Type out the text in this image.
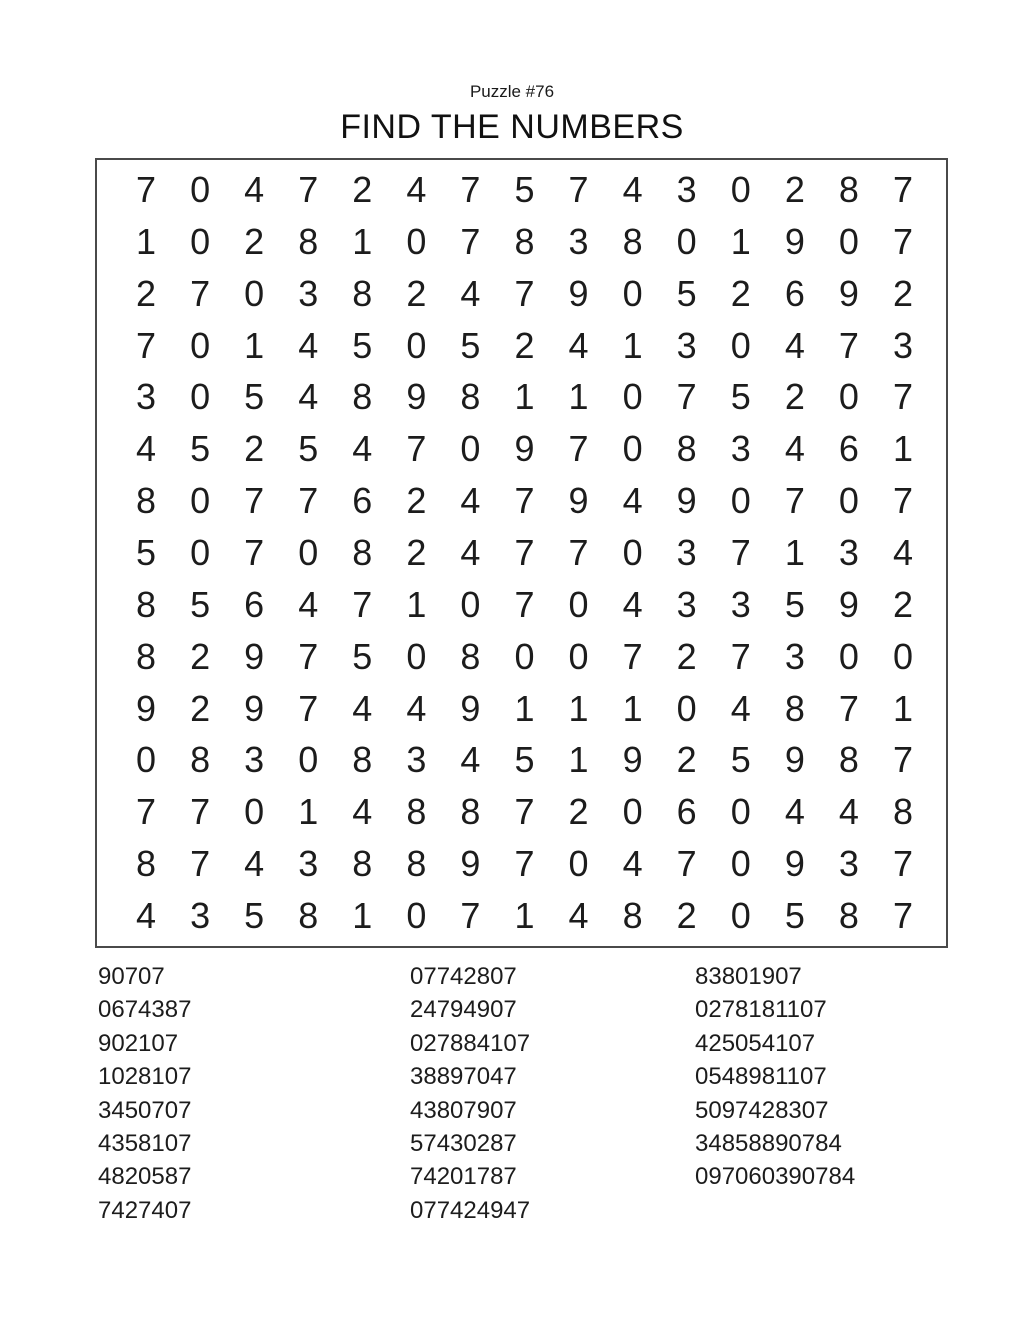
Puzzle #76
FIND THE NUMBERS
7 0 4 7 2 4 7 5 7 4 3 0 2 8 7
1 0 2 8 1 0 7 8 3 8 0 1 9 0 7
2 7 0 3 8 2 4 7 9 0 5 2 6 9 2
7 0 1 4 5 0 5 2 4 1 3 0 4 7 3
3 0 5 4 8 9 8 1 1 0 7 5 2 0 7
4 5 2 5 4 7 0 9 7 0 8 3 4 6 1
8 0 7 7 6 2 4 7 9 4 9 0 7 0 7
5 0 7 0 8 2 4 7 7 0 3 7 1 3 4
8 5 6 4 7 1 0 7 0 4 3 3 5 9 2
8 2 9 7 5 0 8 0 0 7 2 7 3 0 0
9 2 9 7 4 4 9 1 1 1 0 4 8 7 1
0 8 3 0 8 3 4 5 1 9 2 5 9 8 7
7 7 0 1 4 8 8 7 2 0 6 0 4 4 8
8 7 4 3 8 8 9 7 0 4 7 0 9 3 7
4 3 5 8 1 0 7 1 4 8 2 0 5 8 7
90707
0674387
902107
1028107
3450707
4358107
4820587
7427407
07742807
24794907
027884107
38897047
43807907
57430287
74201787
077424947
83801907
0278181107
425054107
0548981107
5097428307
34858890784
097060390784
